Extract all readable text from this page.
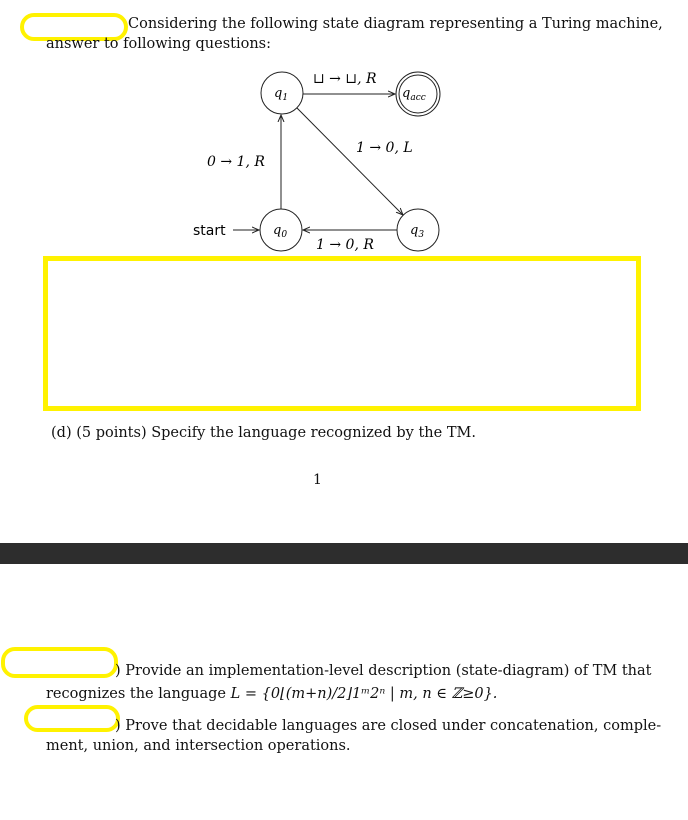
Considering the following state diagram representing a Turing machine,
answer to following questions:
$q_1$	$q_{acc}$
$q_0$	$q_3$
start
⊔ → ⊔, R
0 → 1, R
1 → 0, L
1 → 0, R
(d) (5 points) Specify the language recognized by the TM.
1
) Provide an implementation-level description (state-diagram) of TM that
recognizes the language L = {0⌊(m+n)/2⌋1ᵐ2ⁿ | m, n ∈ ℤ≥0}.
) Prove that decidable languages are closed under concatenation, comple-
ment, union, and intersection operations.
